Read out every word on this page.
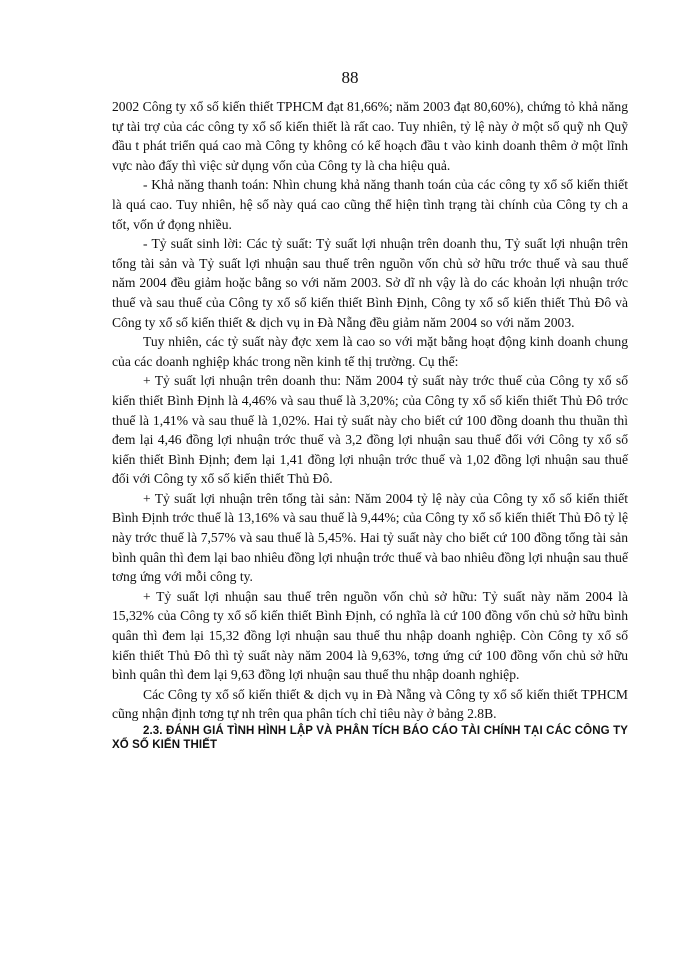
88

2002 Công ty xổ số kiến thiết TPHCM đạt 81,66%; năm 2003 đạt 80,60%), chứng tỏ khả năng tự tài trợ của các công ty xổ số kiến thiết là rất cao. Tuy nhiên, tỷ lệ này ở một số quỹ nh Quỹ đầu t phát triển quá cao mà Công ty không có kế hoạch đầu t vào kinh doanh thêm ở một lĩnh vực nào đấy thì việc sử dụng vốn của Công ty là cha hiệu quả.

- Khả năng thanh toán: Nhìn chung khả năng thanh toán của các công ty xổ số kiến thiết là quá cao. Tuy nhiên, hệ số này quá cao cũng thể hiện tình trạng tài chính của Công ty ch a tốt, vốn ứ đọng nhiều.

- Tỷ suất sinh lời: Các tỷ suất: Tỷ suất lợi nhuận trên doanh thu, Tỷ suất lợi nhuận trên tổng tài sản và Tỷ suất lợi nhuận sau thuế trên nguồn vốn chủ sở hữu trớc thuế và sau thuế năm 2004 đều giảm hoặc bằng so với năm 2003. Sở dĩ nh vậy là do các khoản lợi nhuận trớc thuế và sau thuế của Công ty xổ số kiến thiết Bình Định, Công ty xổ số kiến thiết Thủ Đô và Công ty xổ số kiến thiết & dịch vụ in Đà Nẵng đều giảm năm 2004 so với năm 2003.

Tuy nhiên, các tỷ suất này đợc xem là cao so với mặt bằng hoạt động kinh doanh chung của các doanh nghiệp khác trong nền kinh tế thị trường. Cụ thể:

+ Tỷ suất lợi nhuận trên doanh thu: Năm 2004 tỷ suất này trớc thuế của Công ty xổ số kiến thiết Bình Định là 4,46% và sau thuế là 3,20%; của Công ty xổ số kiến thiết Thủ Đô trớc thuế là 1,41% và sau thuế là 1,02%. Hai tỷ suất này cho biết cứ 100 đồng doanh thu thuần thì đem lại 4,46 đồng lợi nhuận trớc thuế và 3,2 đồng lợi nhuận sau thuế đối với Công ty xổ số kiến thiết Bình Định; đem lại 1,41 đồng lợi nhuận trớc thuế và 1,02 đồng lợi nhuận sau thuế đối với Công ty xổ số kiến thiết Thủ Đô.

+ Tỷ suất lợi nhuận trên tổng tài sản: Năm 2004 tỷ lệ này của Công ty xổ số kiến thiết Bình Định trớc thuế là 13,16% và sau thuế là 9,44%; của Công ty xổ số kiến thiết Thủ Đô tỷ lệ này trớc thuế là 7,57% và sau thuế là 5,45%. Hai tỷ suất này cho biết cứ 100 đồng tổng tài sản bình quân thì đem lại bao nhiêu đồng lợi nhuận trớc thuế và bao nhiêu đồng lợi nhuận sau thuế tơng ứng với mỗi công ty.

+ Tỷ suất lợi nhuận sau thuế trên nguồn vốn chủ sở hữu: Tỷ suất này năm 2004 là 15,32% của Công ty xổ số kiến thiết Bình Định, có nghĩa là cứ 100 đồng vốn chủ sở hữu bình quân thì đem lại 15,32 đồng lợi nhuận sau thuế thu nhập doanh nghiệp. Còn Công ty xổ số kiến thiết Thủ Đô thì tỷ suất này năm 2004 là 9,63%, tơng ứng cứ 100 đồng vốn chủ sở hữu bình quân thì đem lại 9,63 đồng lợi nhuận sau thuế thu nhập doanh nghiệp.

Các Công ty xổ số kiến thiết & dịch vụ in Đà Nẵng và Công ty xổ số kiến thiết TPHCM cũng nhận định tơng tự nh trên qua phân tích chỉ tiêu này ở bảng 2.8B.

2.3. ĐÁNH GIÁ TÌNH HÌNH LẬP VÀ PHÂN TÍCH BÁO CÁO TÀI CHÍNH TẠI CÁC CÔNG TY XỔ SỐ KIẾN THIẾT
